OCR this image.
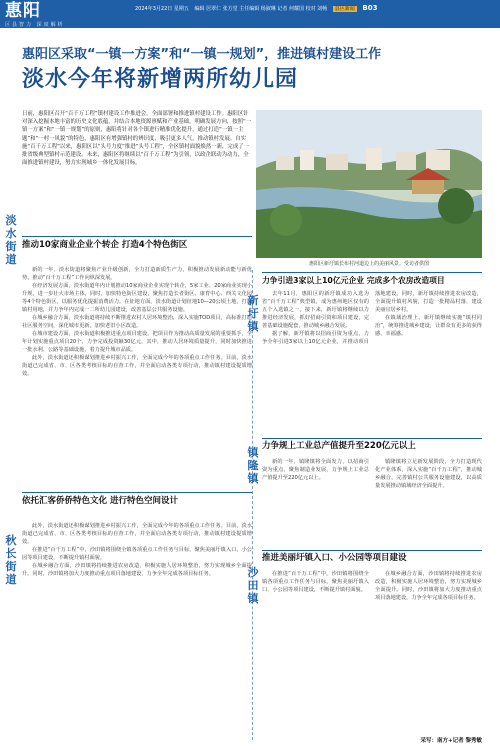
惠阳
区县智力 深度解析
2024年3月22日 星期五 编辑 居翠仁 张方堂 主任编辑 杨淑琳 记者 何耀国 校对 刘畅 县区新闻 B03
惠阳区采取“一镇一方案”和“一镇一规划”，推进镇村建设工作
淡水今年将新增两所幼儿园
日前，惠阳区召开“百千万工程”镇村建设工作推进会，全面部署和推进镇村建设工作。惠阳区针对深入挖掘本地丰富的历史文化底蕴，并结合本地资源禀赋和产业基础，明确发展方向，按照“一镇一方案”和“一镇一规划”的原则，惠阳将针对各个镇进行精准优化提升，通过打造“一镇一主题”和“一村一风貌”的特色，惠阳区有增强镇村的辨识度，吸引更多人气，推动镇村发展。自实施“百千万工程”以来，惠阳区以“头号力度”推进“头号工程”，全区镇村面貌焕然一新，完成了一批省级典型镇村示范建设。未来，惠阳区将继续以“百千万工程”为引领，以政企联动为动力，全面推进镇村建设，努力实现城乡一体化发展目标。
惠阳区新圩镇长布村河道边上的美丽风景。受访者供图
淡水街道
推动10家商业企业个转企 打造4个特色街区

新的一年，淡水街道将聚焦产业升级创新，全力打造新质生产力，积极推动发展新动能与新优势，推动“百千万工程”工作向纵深发展。

在经济发展方面，淡水街道年内计划推动10家商业企业实现个转企，5家工业、20家商业实现小升规，进一步壮大市场主体，同时，加快特色街区建设，聚焦打造长者街区、康育中心、西关文化园等4个特色街区，以服务优化提振消费活力。在征地方面，淡水街道计划征地10—20公顷土地，打造镇村用地，并力争年内完成一二所幼儿园建设，改善基层公共服务设施。

在城乡融合方面，淡水街道将持续不断推进农村人居环境整治，深入实施TOD项目，高标准打造社区服务空间，深化城市更新，加快老旧小区改造。

在城市建设方面，淡水街道积极推进重点项目建设，把项目作为推动高质量发展的重要抓手，全年计划实施重点项目20个，力争完成投资额30亿元，其中，推动人居环境质量提升，同时加快推进一批水利、公路等基础设施，着力提升城市品质。

此外，淡水街道还积极谋划推进乡村振兴工作，全面完成今年的各项重点工作任务。目前，淡水街道已完成省、市、区各类考核目标的自查工作，并全面启动各类专项行动，推动镇村建设提质增效。

秋长街道
依托汇客侨侨特色文化 进行特色空间设计

此外，淡水街道还积极谋划推进乡村振兴工作，全面完成今年的各项重点工作任务。目前，淡水街道已完成省、市、区各类考核目标的自查工作，并全面启动各类专项行动，推动镇村建设提质增效。

在推进“百千万工程”中，沙田镇将围绕全镇各项重点工作任务与目标，聚焦美丽圩镇入口、小公园等项目建设，不断提升镇村面貌。

在城乡融合方面，沙田镇将持续推进农房改造，积极实施人居环境整治，努力实现城乡全面提升。同时，沙田镇将加大力度推动重点项目落地建设，力争全年完成各项目标任务。

新圩镇
力争引进3家以上10亿元企业 完成多个农房改造项目

去年11月，惠阳区的新圩镇成功入选为省“百千万工程”典型镇，成为惠州地区仅有的五个入选镇之一。接下来，新圩镇将继续以力推进经济发展，抓好招商引资和项目建设，完善基础设施配套，推动城乡融合发展。

据了解，新圩镇将以招商引资为重点，力争全年引进3家以上10亿元企业，并推动项目落地建设。同时，新圩镇持续推进农房改造，全面提升镇村风貌，打造一批精品村落，建设美丽宜居乡村。

在镇域治理上，新圩镇继续实施“镇村同治”，统筹推进城乡建设，让群众有更多的获得感、幸福感。

镇隆镇
力争规上工业总产值提升至220亿元以上

新的一年，镇隆镇将全面发力，以招商引资为重点，聚焦制造业发展，力争规上工业总产值提升至220亿元以上。

镇隆镇将立足新发展阶段，全力打造现代化产业体系，深入实施“百千万工程”，推动城乡融合，完善镇村公共服务设施建设，以高质量发展推动镇域经济全面提升。

沙田镇
推进美丽圩镇入口、小公园等项目建设

在推进“百千万工程”中，沙田镇将围绕全镇各项重点工作任务与目标，聚焦美丽圩镇入口、小公园等项目建设，不断提升镇村面貌。

在城乡融合方面，沙田镇将持续推进农房改造，积极实施人居环境整治，努力实现城乡全面提升。同时，沙田镇将加大力度推动重点项目落地建设，力争全年完成各项目标任务。

采写：南方+记者 黎秀敏
